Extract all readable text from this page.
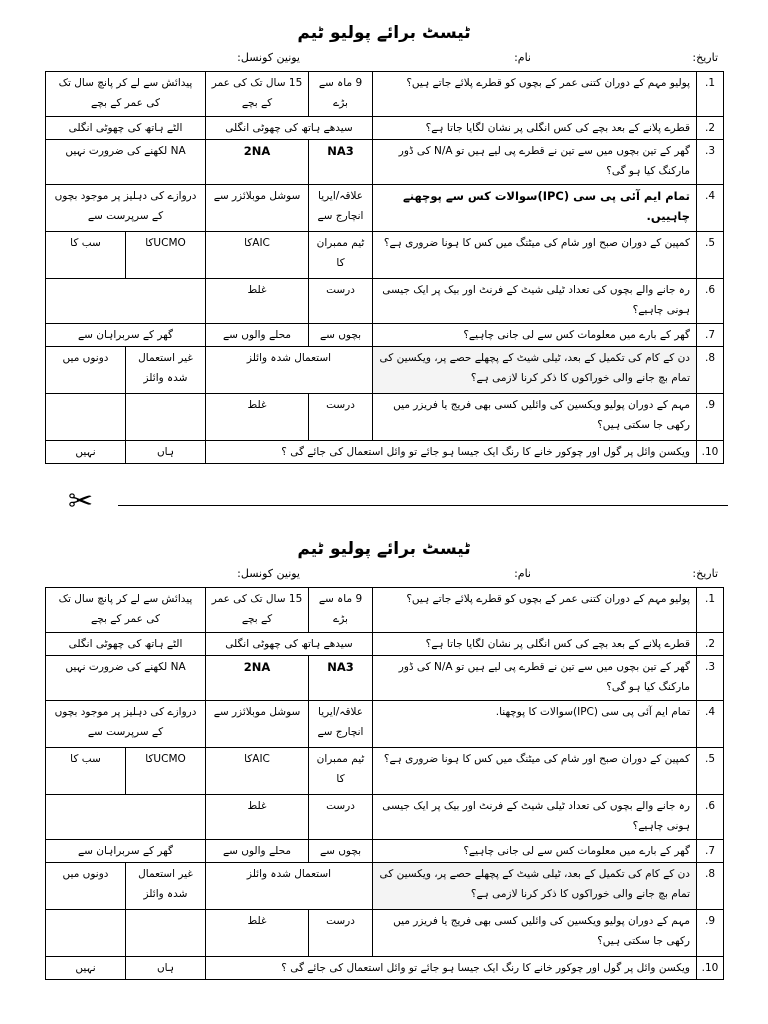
ٹیسٹ برائے پولیو ٹیم
تاریخ:
نام:
یونین کونسل:
1.	پولیو مہم کے دوران کتنی عمر کے بچوں کو قطرے پلائے جاتے ہیں؟	9 ماہ سے بڑے	15 سال تک کی عمر کے بچے	پیدائش سے لے کر پانچ سال تک کی عمر کے بچے	
2.	قطرے پلانے کے بعد بچے کی کس انگلی پر نشان لگایا جاتا ہے؟	سیدھے ہاتھ کی چھوٹی انگلی		الٹے ہاتھ کی چھوٹی انگلی	
3.	گھر کے تین بچوں میں سے تین نے قطرے پی لیے ہیں تو N/A کی ڈور مارکنگ کیا ہو گی؟	NA3	2NA	NA لکھنے کی ضرورت نہیں	
4.	تمام ایم آئی پی سی (IPC)سوالات کس سے پوچھنے چاہییں.	علاقہ/ایریا انچارج سے	سوشل موبلائزر سے	دروازے کی دہلیز پر موجود بچوں کے سرپرست سے	
5.	کمپین کے دوران صبح اور شام کی میٹنگ میں کس کا ہونا ضروری ہے؟	ٹیم ممبران کا	AICکا	UCMOکا	سب کا
6.	رہ جانے والے بچوں کی تعداد ٹیلی شیٹ کے فرنٹ اور بیک پر ایک جیسی ہونی چاہیے؟	درست	غلط		
7.	گھر کے بارے میں معلومات کس سے لی جانی چاہیے؟	بچوں سے	محلے والوں سے	گھر کے سربراہان سے	
8.	دن کے کام کی تکمیل کے بعد، ٹیلی شیٹ کے پچھلے حصے پر، ویکسین کی تمام بچ جانے والی خوراکوں کا ذکر کرنا لازمی ہے؟	استعمال شدہ وائلز		غیر استعمال شدہ وائلز	دونوں میں
9.	مہم کے دوران پولیو ویکسین کی وائلیں کسی بھی فریج یا فریزر میں رکھی جا سکتی ہیں؟	درست	غلط		
10.	ویکسن وائل پر گول اور چوکور خانے کا رنگ ایک جیسا ہو جائے تو وائل استعمال کی جائے گی ؟			ہاں	نہیں
✂
ٹیسٹ برائے پولیو ٹیم
تاریخ:
نام:
یونین کونسل:
1.	پولیو مہم کے دوران کتنی عمر کے بچوں کو قطرے پلائے جاتے ہیں؟	9 ماہ سے بڑے	15 سال تک کی عمر کے بچے	پیدائش سے لے کر پانچ سال تک کی عمر کے بچے	
2.	قطرے پلانے کے بعد بچے کی کس انگلی پر نشان لگایا جاتا ہے؟	سیدھے ہاتھ کی چھوٹی انگلی		الٹے ہاتھ کی چھوٹی انگلی	
3.	گھر کے تین بچوں میں سے تین نے قطرے پی لیے ہیں تو N/A کی ڈور مارکنگ کیا ہو گی؟	NA3	2NA	NA لکھنے کی ضرورت نہیں	
4.	تمام ایم آئی پی سی (IPC)سوالات کا پوچھنا.	علاقہ/ایریا انچارج سے	سوشل موبلائزر سے	دروازے کی دہلیز پر موجود بچوں کے سرپرست سے	
5.	کمپین کے دوران صبح اور شام کی میٹنگ میں کس کا ہونا ضروری ہے؟	ٹیم ممبران کا	AICکا	UCMOکا	سب کا
6.	رہ جانے والے بچوں کی تعداد ٹیلی شیٹ کے فرنٹ اور بیک پر ایک جیسی ہونی چاہیے؟	درست	غلط		
7.	گھر کے بارے میں معلومات کس سے لی جانی چاہیے؟	بچوں سے	محلے والوں سے	گھر کے سربراہان سے	
8.	دن کے کام کی تکمیل کے بعد، ٹیلی شیٹ کے پچھلے حصے پر، ویکسین کی تمام بچ جانے والی خوراکوں کا ذکر کرنا لازمی ہے؟	استعمال شدہ وائلز		غیر استعمال شدہ وائلز	دونوں میں
9.	مہم کے دوران پولیو ویکسین کی وائلیں کسی بھی فریج یا فریزر میں رکھی جا سکتی ہیں؟	درست	غلط		
10.	ویکسن وائل پر گول اور چوکور خانے کا رنگ ایک جیسا ہو جائے تو وائل استعمال کی جائے گی ؟			ہاں	نہیں
